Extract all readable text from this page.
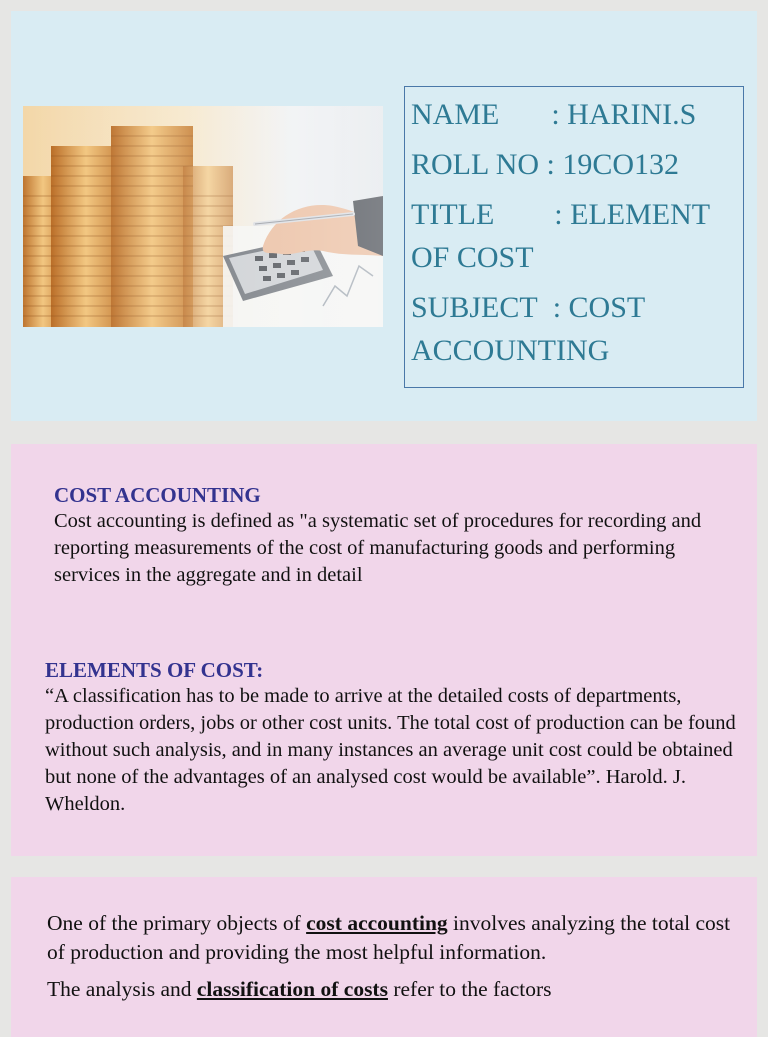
NAME : HARINI.S

ROLL NO : 19CO132

TITLE : ELEMENT OF COST

SUBJECT : COST ACCOUNTING

COST ACCOUNTING

Cost accounting is defined as "a systematic set of procedures for recording and reporting measurements of the cost of manufacturing goods and performing services in the aggregate and in detail

ELEMENTS OF COST:

“A classification has to be made to arrive at the detailed costs of departments, production orders, jobs or other cost units. The total cost of production can be found without such analysis, and in many instances an average unit cost could be obtained but none of the advantages of an analysed cost would be available”. Harold. J. Wheldon.

One of the primary objects of cost accounting involves analyzing the total cost of production and providing the most helpful information.

The analysis and classification of costs refer to the factors
